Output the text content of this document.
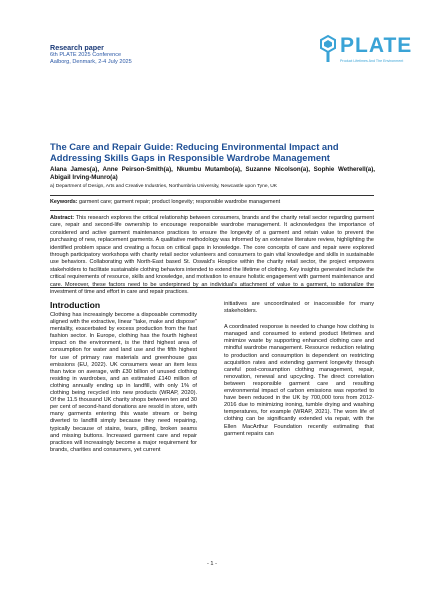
Research paper
6th PLATE 2025 Conference
Aalborg, Denmark, 2-4 July 2025
PLATE
Product Lifetimes And The Environment
The Care and Repair Guide: Reducing Environmental Impact and Addressing Skills Gaps in Responsible Wardrobe Management
Alana James(a), Anne Peirson-Smith(a), Nkumbu Mutambo(a), Suzanne Nicolson(a), Sophie Wetherell(a), Abigail Irving-Munro(a)
a) Department of Design, Arts and Creative Industries, Northumbria University, Newcastle upon Tyne, UK
Keywords: garment care; garment repair; product longevity; responsible wardrobe management
Abstract: This research explores the critical relationship between consumers, brands and the charity retail sector regarding garment care, repair and second-life ownership to encourage responsible wardrobe management. It acknowledges the importance of considered and active garment maintenance practices to ensure the longevity of a garment and retain value to prevent the purchasing of new, replacement garments. A qualitative methodology was informed by an extensive literature review, highlighting the identified problem space and creating a focus on critical gaps in knowledge. The core concepts of care and repair were explored through participatory workshops with charity retail sector volunteers and consumers to gain vital knowledge and skills in sustainable use behaviors. Collaborating with North-East based St. Oswald's Hospice within the charity retail sector, the project empowers stakeholders to facilitate sustainable clothing behaviors intended to extend the lifetime of clothing. Key insights generated include the critical requirements of resource, skills and knowledge, and motivation to ensure holistic engagement with garment maintenance and care. Moreover, these factors need to be underpinned by an individual's attachment of value to a garment, to rationalize the investment of time and effort in care and repair practices.
Introduction

Clothing has increasingly become a disposable commodity aligned with the extractive, linear "take, make and dispose" mentality, exacerbated by excess production from the fast fashion sector. In Europe, clothing has the fourth highest impact on the environment, is the third highest area of consumption for water and land use and the fifth highest for use of primary raw materials and greenhouse gas emissions (EU, 2022). UK consumers wear an item less than twice on average, with £30 billion of unused clothing residing in wardrobes, and an estimated £140 million of clothing annually ending up in landfill, with only 1% of clothing being recycled into new products (WRAP, 2020). Of the 11.5 thousand UK charity shops between ten and 30 per cent of second-hand donations are resold in store, with many garments entering this waste stream or being diverted to landfill simply because they need repairing, typically because of stains, tears, pilling, broken seams and missing buttons. Increased garment care and repair practices will increasingly become a major requirement for brands, charities and consumers, yet current

initiatives are uncoordinated or inaccessible for many stakeholders.

A coordinated response is needed to change how clothing is managed and consumed to extend product lifetimes and minimize waste by supporting enhanced clothing care and mindful wardrobe management. Resource reduction relating to production and consumption is dependent on restricting acquisition rates and extending garment longevity through careful post-consumption clothing management, repair, renovation, renewal and upcycling. The direct correlation between responsible garment care and resulting environmental impact of carbon emissions was reported to have been reduced in the UK by 700,000 tons from 2012-2016 due to minimizing ironing, tumble drying and washing temperatures, for example (WRAP, 2021). The worn life of clothing can be significantly extended via repair, with the Ellen MacArthur Foundation recently estimating that garment repairs can

- 1 -
